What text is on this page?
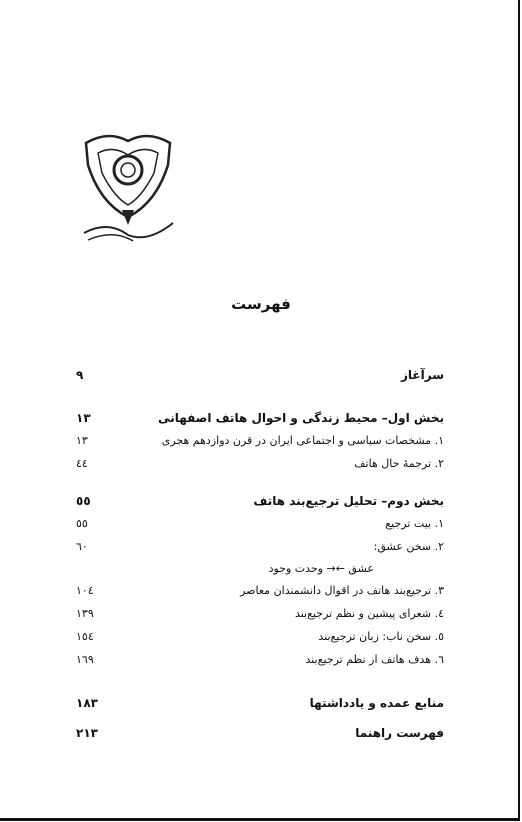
فهرست
سرآغاز
۹
بخش اول– محیط زندگی و احوال هاتف اصفهانی
۱۳
۱. مشخصات سیاسی و اجتماعی ایران در قرن دوازدهم هجری
۱۳
۲. ترجمهٔ حال هاتف
٤٤
بخش دوم– تحلیل ترجیع‌بند هاتف
٥٥
۱. بیت ترجیع
٥٥
۲. سخن عشق:
٦٠
عشق ←→ وحدت وجود
۳. ترجیع‌بند هاتف در اقوال دانشمندان معاصر
۱۰٤
٤. شعرای پیشین و نظم ترجیع‌بند
۱۳۹
٥. سخن ناب: زبان ترجیع‌بند
۱٥٤
٦. هدف هاتف از نظم ترجیع‌بند
۱٦۹
منابع عمده و یادداشتها
۱۸۳
فهرست راهنما
۲۱۳
